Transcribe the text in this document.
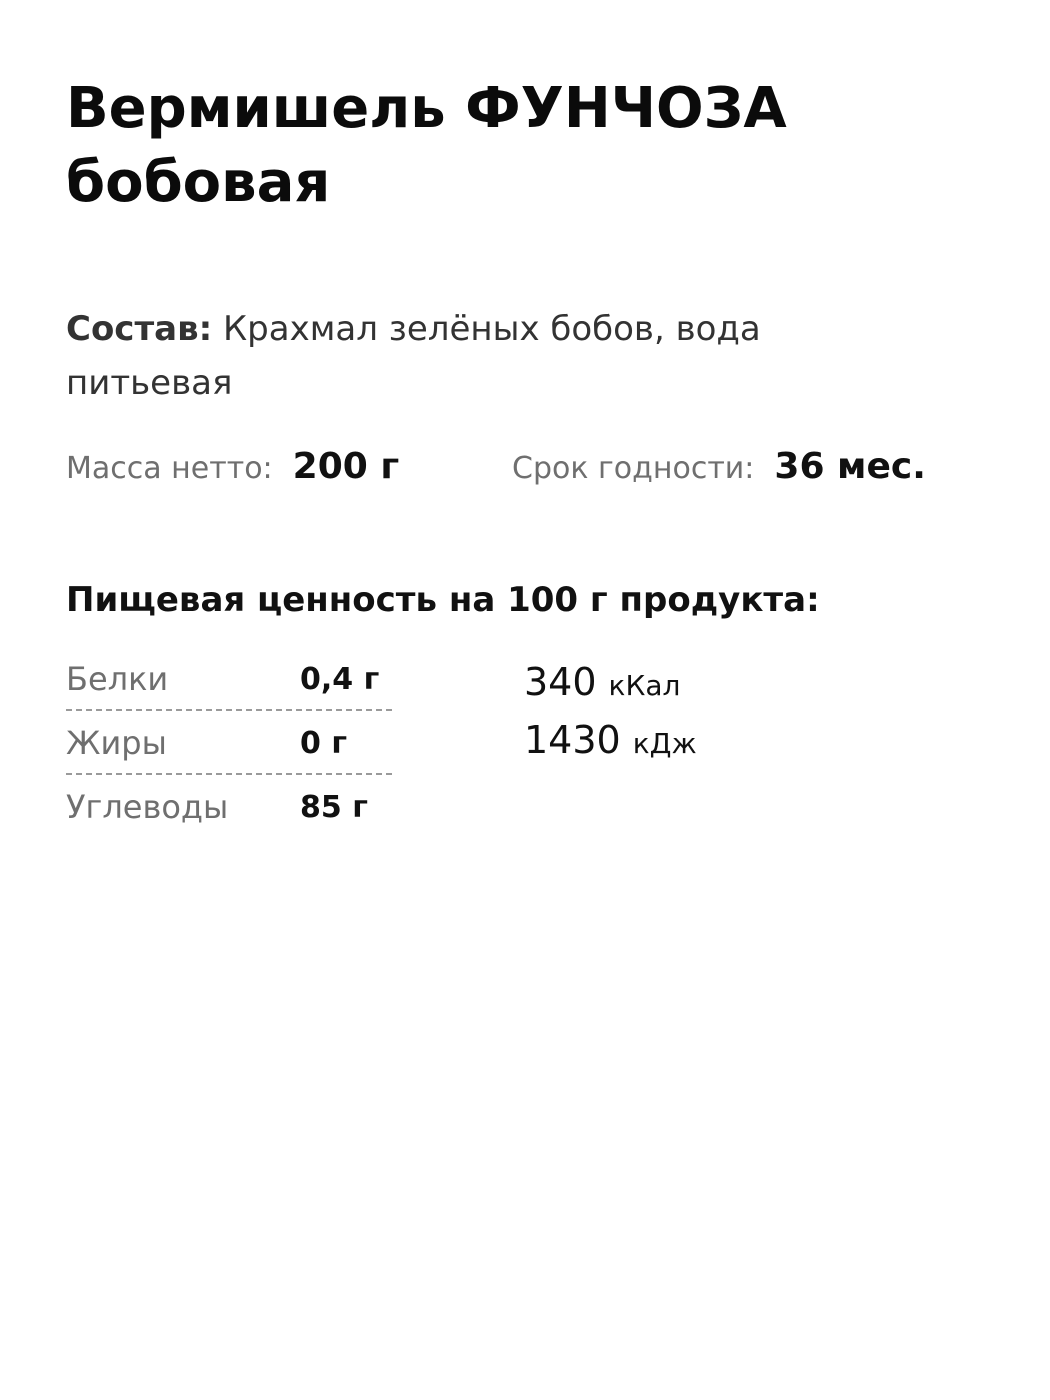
Вермишель ФУНЧОЗА
бобовая
Состав: Крахмал зелёных бобов, вода питьевая
Масса нетто: 200 г	Срок годности: 36 мес.
Пищевая ценность на 100 г продукта:
Белки	0,4 г
Жиры	0 г
Углеводы 85 г
340 кКал
1430 кДж
